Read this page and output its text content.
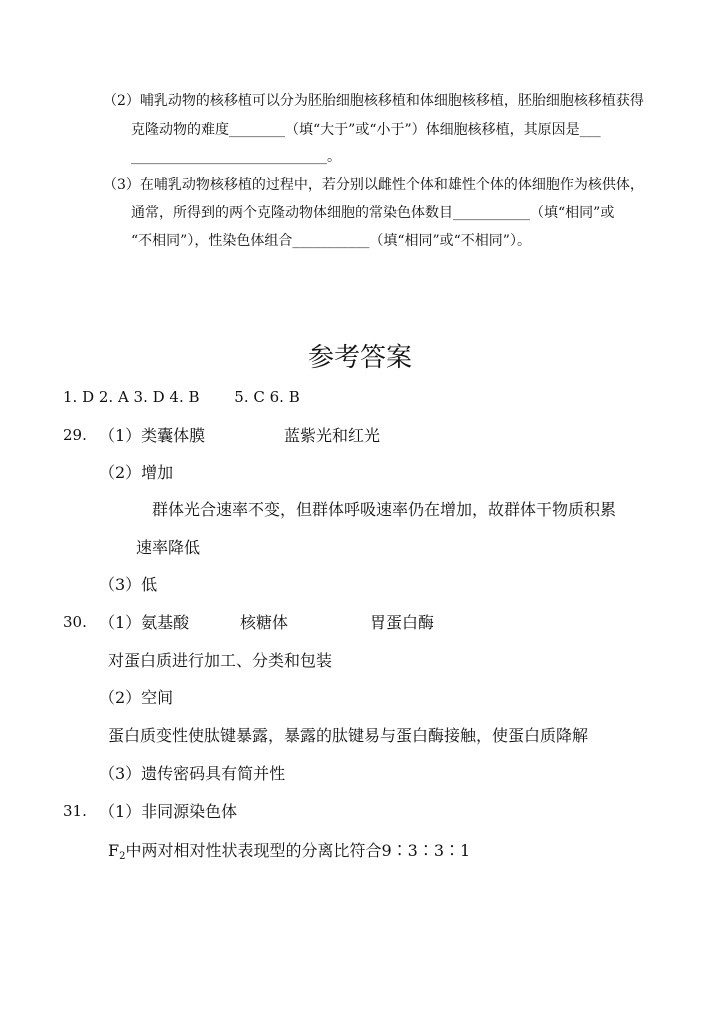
（2）哺乳动物的核移植可以分为胚胎细胞核移植和体细胞核移植，胚胎细胞核移植获得
克隆动物的难度________（填“大于”或“小于”）体细胞核移植，其原因是___
____________________________。
（3）在哺乳动物核移植的过程中，若分别以雌性个体和雄性个体的体细胞作为核供体，
通常，所得到的两个克隆动物体细胞的常染色体数目___________（填“相同”或
“不相同”），性染色体组合___________（填“相同”或“不相同”）。
参考答案
1. D 2. A 3. D 4. B　　 5. C 6. B
29. （1）类囊体膜	蓝紫光和红光
（2）增加
群体光合速率不变，但群体呼吸速率仍在增加，故群体干物质积累
速率降低
（3）低
30. （1）氨基酸	核糖体	胃蛋白酶
对蛋白质进行加工、分类和包装
（2）空间
蛋白质变性使肽键暴露，暴露的肽键易与蛋白酶接触，使蛋白质降解
（3）遗传密码具有简并性
31. （1）非同源染色体
$F_2$中两对相对性状表现型的分离比符合9∶3∶3∶1
